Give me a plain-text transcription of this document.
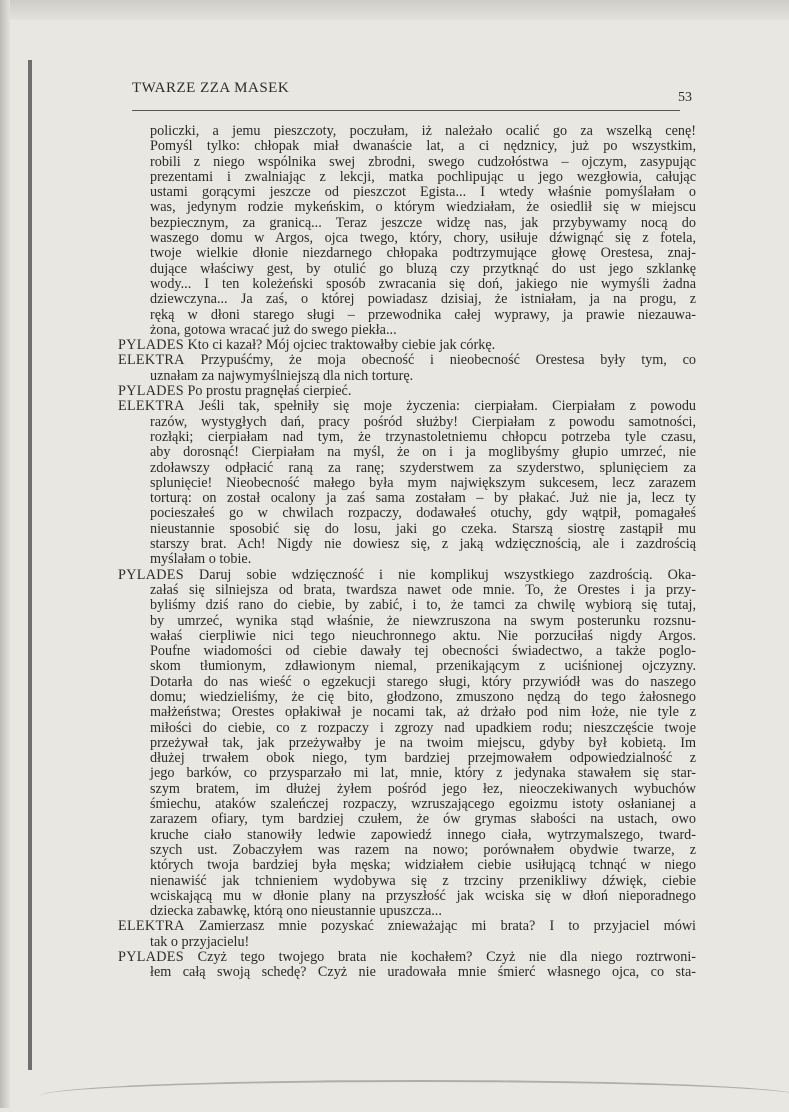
TWARZE ZZA MASEK
53
policzki, a jemu pieszczoty, poczułam, iż należało ocalić go za wszelką cenę!
Pomyśl tylko: chłopak miał dwanaście lat, a ci nędznicy, już po wszystkim,
robili z niego wspólnika swej zbrodni, swego cudzołóstwa – ojczym, zasypując
prezentami i zwalniając z lekcji, matka pochlipując u jego wezgłowia, całując
ustami gorącymi jeszcze od pieszczot Egista... I wtedy właśnie pomyślałam o
was, jedynym rodzie mykeńskim, o którym wiedziałam, że osiedlił się w miejscu
bezpiecznym, za granicą... Teraz jeszcze widzę nas, jak przybywamy nocą do
waszego domu w Argos, ojca twego, który, chory, usiłuje dźwignąć się z fotela,
twoje wielkie dłonie niezdarnego chłopaka podtrzymujące głowę Orestesa, znaj-
dujące właściwy gest, by otulić go bluzą czy przytknąć do ust jego szklankę
wody... I ten koleżeński sposób zwracania się doń, jakiego nie wymyśli żadna
dziewczyna... Ja zaś, o której powiadasz dzisiaj, że istniałam, ja na progu, z
ręką w dłoni starego sługi – przewodnika całej wyprawy, ja prawie niezauwa-
żona, gotowa wracać już do swego piekła...
PYLADES Kto ci kazał? Mój ojciec traktowałby ciebie jak córkę.
ELEKTRA Przypuśćmy, że moja obecność i nieobecność Orestesa były tym, co
uznałam za najwymyślniejszą dla nich torturę.
PYLADES Po prostu pragnęłaś cierpieć.
ELEKTRA Jeśli tak, spełniły się moje życzenia: cierpiałam. Cierpiałam z powodu
razów, wystygłych dań, pracy pośród służby! Cierpiałam z powodu samotności,
rozłąki; cierpiałam nad tym, że trzynastoletniemu chłopcu potrzeba tyle czasu,
aby dorosnąć! Cierpiałam na myśl, że on i ja moglibyśmy głupio umrzeć, nie
zdoławszy odpłacić raną za ranę; szyderstwem za szyderstwo, splunięciem za
splunięcie! Nieobecność małego była mym największym sukcesem, lecz zarazem
torturą: on został ocalony ja zaś sama zostałam – by płakać. Już nie ja, lecz ty
pocieszałeś go w chwilach rozpaczy, dodawałeś otuchy, gdy wątpił, pomagałeś
nieustannie sposobić się do losu, jaki go czeka. Starszą siostrę zastąpił mu
starszy brat. Ach! Nigdy nie dowiesz się, z jaką wdzięcznością, ale i zazdrością
myślałam o tobie.
PYLADES Daruj sobie wdzięczność i nie komplikuj wszystkiego zazdrością. Oka-
załaś się silniejsza od brata, twardsza nawet ode mnie. To, że Orestes i ja przy-
byliśmy dziś rano do ciebie, by zabić, i to, że tamci za chwilę wybiorą się tutaj,
by umrzeć, wynika stąd właśnie, że niewzruszona na swym posterunku rozsnu-
wałaś cierpliwie nici tego nieuchronnego aktu. Nie porzuciłaś nigdy Argos.
Poufne wiadomości od ciebie dawały tej obecności świadectwo, a także poglo-
skom tłumionym, zdławionym niemal, przenikającym z uciśnionej ojczyzny.
Dotarła do nas wieść o egzekucji starego sługi, który przywiódł was do naszego
domu; wiedzieliśmy, że cię bito, głodzono, zmuszono nędzą do tego żałosnego
małżeństwa; Orestes opłakiwał je nocami tak, aż drżało pod nim łoże, nie tyle z
miłości do ciebie, co z rozpaczy i zgrozy nad upadkiem rodu; nieszczęście twoje
przeżywał tak, jak przeżywałby je na twoim miejscu, gdyby był kobietą. Im
dłużej trwałem obok niego, tym bardziej przejmowałem odpowiedzialność z
jego barków, co przysparzało mi lat, mnie, który z jedynaka stawałem się star-
szym bratem, im dłużej żyłem pośród jego łez, nieoczekiwanych wybuchów
śmiechu, ataków szaleńczej rozpaczy, wzruszającego egoizmu istoty osłanianej a
zarazem ofiary, tym bardziej czułem, że ów grymas słabości na ustach, owo
kruche ciało stanowiły ledwie zapowiedź innego ciała, wytrzymalszego, tward-
szych ust. Zobaczyłem was razem na nowo; porównałem obydwie twarze, z
których twoja bardziej była męska; widziałem ciebie usiłującą tchnąć w niego
nienawiść jak tchnieniem wydobywa się z trzciny przenikliwy dźwięk, ciebie
wciskającą mu w dłonie plany na przyszłość jak wciska się w dłoń nieporadnego
dziecka zabawkę, którą ono nieustannie upuszcza...
ELEKTRA Zamierzasz mnie pozyskać znieważając mi brata? I to przyjaciel mówi
tak o przyjacielu!
PYLADES Czyż tego twojego brata nie kochałem? Czyż nie dla niego roztrwoni-
łem całą swoją schedę? Czyż nie uradowała mnie śmierć własnego ojca, co sta-
